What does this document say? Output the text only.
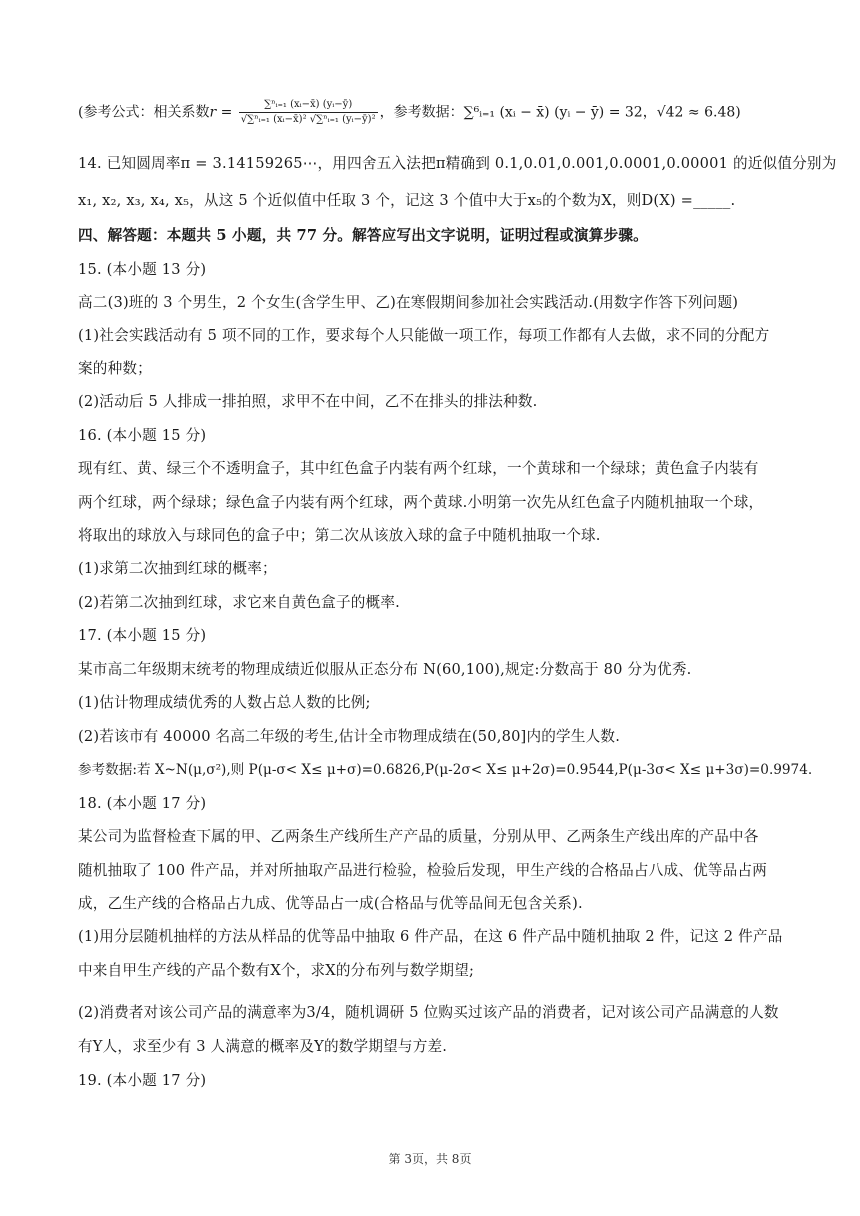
(参考公式：相关系数$r = \frac{\text{∑ⁿᵢ₌₁ (xᵢ−x̄) (yᵢ−ȳ)}}{\text{√∑ⁿᵢ₌₁ (xᵢ−x̄)² √∑ⁿᵢ₌₁ (yᵢ−ȳ)²}}$ ，参考数据：∑⁶ᵢ₌₁ (xᵢ − x̄) (yᵢ − ȳ) = 32，√42 ≈ 6.48)
14. 已知圆周率π = 3.14159265⋯，用四舍五入法把π精确到 0.1,0.01,0.001,0.0001,0.00001 的近似值分别为
x₁, x₂, x₃, x₄, x₅，从这 5 个近似值中任取 3 个，记这 3 个值中大于x₅的个数为X，则D(X) =_____.
四、解答题：本题共 5 小题，共 77 分。解答应写出文字说明，证明过程或演算步骤。
15. (本小题 13 分)
高二(3)班的 3 个男生，2 个女生(含学生甲、乙)在寒假期间参加社会实践活动.(用数字作答下列问题)
(1)社会实践活动有 5 项不同的工作，要求每个人只能做一项工作，每项工作都有人去做，求不同的分配方
案的种数；
(2)活动后 5 人排成一排拍照，求甲不在中间，乙不在排头的排法种数.
16. (本小题 15 分)
现有红、黄、绿三个不透明盒子，其中红色盒子内装有两个红球，一个黄球和一个绿球；黄色盒子内装有
两个红球，两个绿球；绿色盒子内装有两个红球，两个黄球.小明第一次先从红色盒子内随机抽取一个球，
将取出的球放入与球同色的盒子中；第二次从该放入球的盒子中随机抽取一个球.
(1)求第二次抽到红球的概率；
(2)若第二次抽到红球，求它来自黄色盒子的概率.
17. (本小题 15 分)
某市高二年级期末统考的物理成绩近似服从正态分布 N(60,100),规定:分数高于 80 分为优秀.
(1)估计物理成绩优秀的人数占总人数的比例;
(2)若该市有 40000 名高二年级的考生,估计全市物理成绩在(50,80]内的学生人数.
参考数据:若 X~N(μ,σ²),则 P(μ-σ< X≤ μ+σ)=0.6826,P(μ-2σ< X≤ μ+2σ)=0.9544,P(μ-3σ< X≤ μ+3σ)=0.9974.
18. (本小题 17 分)
某公司为监督检查下属的甲、乙两条生产线所生产产品的质量，分别从甲、乙两条生产线出库的产品中各
随机抽取了 100 件产品，并对所抽取产品进行检验，检验后发现，甲生产线的合格品占八成、优等品占两
成，乙生产线的合格品占九成、优等品占一成(合格品与优等品间无包含关系).
(1)用分层随机抽样的方法从样品的优等品中抽取 6 件产品，在这 6 件产品中随机抽取 2 件，记这 2 件产品
中来自甲生产线的产品个数有X个，求X的分布列与数学期望;
(2)消费者对该公司产品的满意率为3/4，随机调研 5 位购买过该产品的消费者，记对该公司产品满意的人数
有Y人，求至少有 3 人满意的概率及Y的数学期望与方差.
19. (本小题 17 分)
第 3页，共 8页
